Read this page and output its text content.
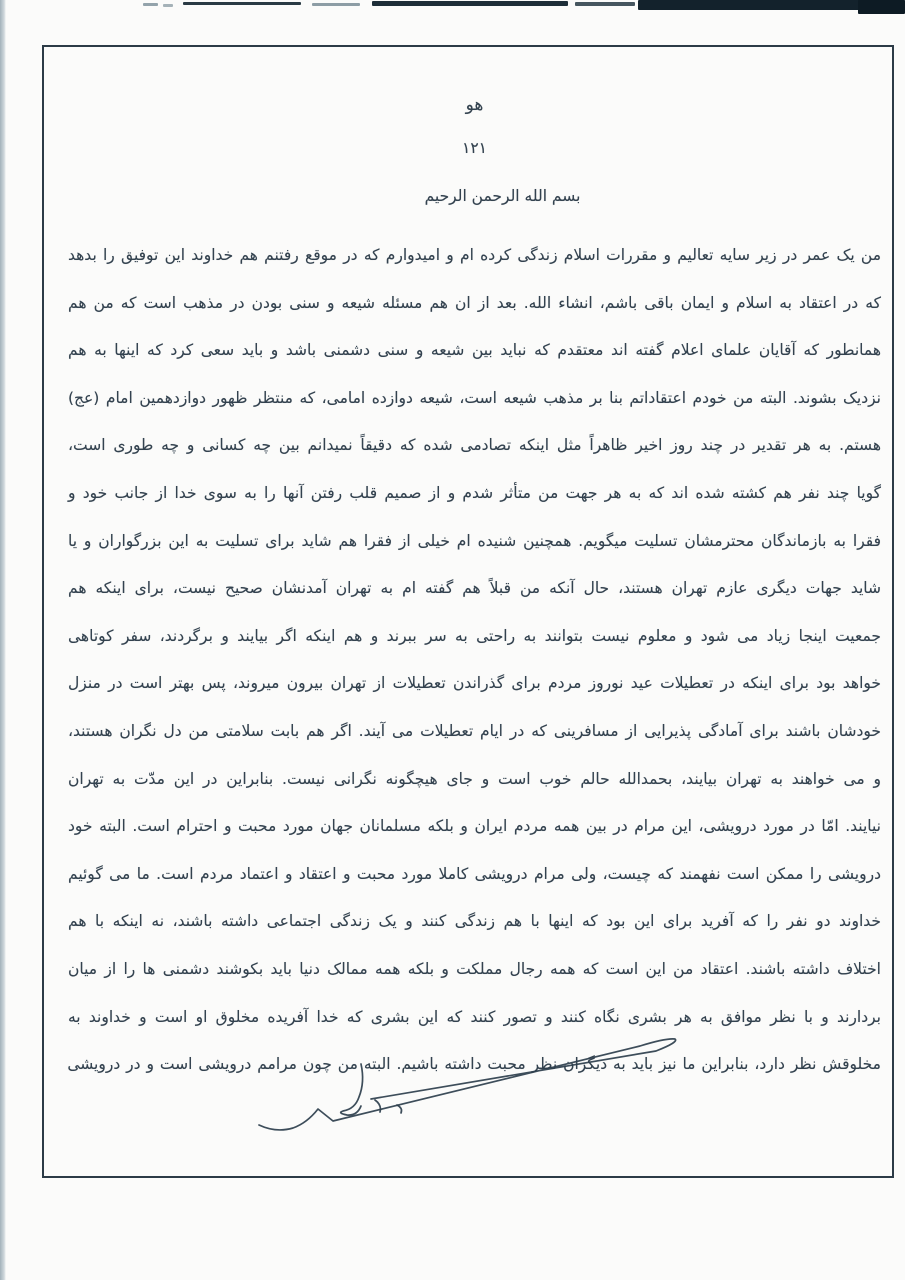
هو
۱۲۱
بسم الله الرحمن الرحیم

من یک عمر در زیر سایه تعالیم و مقررات اسلام زندگی کرده ام و امیدوارم که در موقع رفتنم هم خداوند این توفیق را بدهد

که در اعتقاد به اسلام و ایمان باقی باشم، انشاء الله. بعد از ان هم مسئله شیعه و سنی بودن در مذهب است که من هم

همانطور که آقایان علمای اعلام گفته اند معتقدم که نباید بین شیعه و سنی دشمنی باشد و باید سعی کرد که اینها به هم

نزدیک بشوند. البته من خودم اعتقاداتم بنا بر مذهب شیعه است، شیعه دوازده امامی، که منتظر ظهور دوازدهمین امام (عج)

هستم. به هر تقدیر در چند روز اخیر ظاهراً مثل اینکه تصادمی شده که دقیقاً نمیدانم بین چه کسانی و چه طوری است،

گویا چند نفر هم کشته شده اند که به هر جهت من متأثر شدم و از صمیم قلب رفتن آنها را به سوی خدا از جانب خود و

فقرا به بازماندگان محترمشان تسلیت میگویم. همچنین شنیده ام خیلی از فقرا هم شاید برای تسلیت به این بزرگواران و یا

شاید جهات دیگری عازم تهران هستند، حال آنکه من قبلاً هم گفته ام به تهران آمدنشان صحیح نیست، برای اینکه هم

جمعیت اینجا زیاد می شود و معلوم نیست بتوانند به راحتی به سر ببرند و هم اینکه اگر بیایند و برگردند، سفر کوتاهی

خواهد بود برای اینکه در تعطیلات عید نوروز مردم برای گذراندن تعطیلات از تهران بیرون میروند، پس بهتر است در منزل

خودشان باشند برای آمادگی پذیرایی از مسافرینی که در ایام تعطیلات می آیند. اگر هم بابت سلامتی من دل نگران هستند،

و می خواهند به تهران بیایند، بحمدالله حالم خوب است و جای هیچگونه نگرانی نیست. بنابراین در این مدّت به تهران

نیایند. امّا در مورد درویشی، این مرام در بین همه مردم ایران و بلکه مسلمانان جهان مورد محبت و احترام است. البته خود

درویشی را ممکن است نفهمند که چیست، ولی مرام درویشی کاملا مورد محبت و اعتقاد و اعتماد مردم است. ما می گوئیم

خداوند دو نفر را که آفرید برای این بود که اینها با هم زندگی کنند و یک زندگی اجتماعی داشته باشند، نه اینکه با هم

اختلاف داشته باشند. اعتقاد من این است که همه رجال مملکت و بلکه همه ممالک دنیا باید بکوشند دشمنی ها را از میان

بردارند و با نظر موافق به هر بشری نگاه کنند و تصور کنند که این بشری که خدا آفریده مخلوق او است و خداوند به

مخلوقش نظر دارد، بنابراین ما نیز باید به دیگران نظر محبت داشته باشیم. البته من چون مرامم درویشی است و در درویشی
